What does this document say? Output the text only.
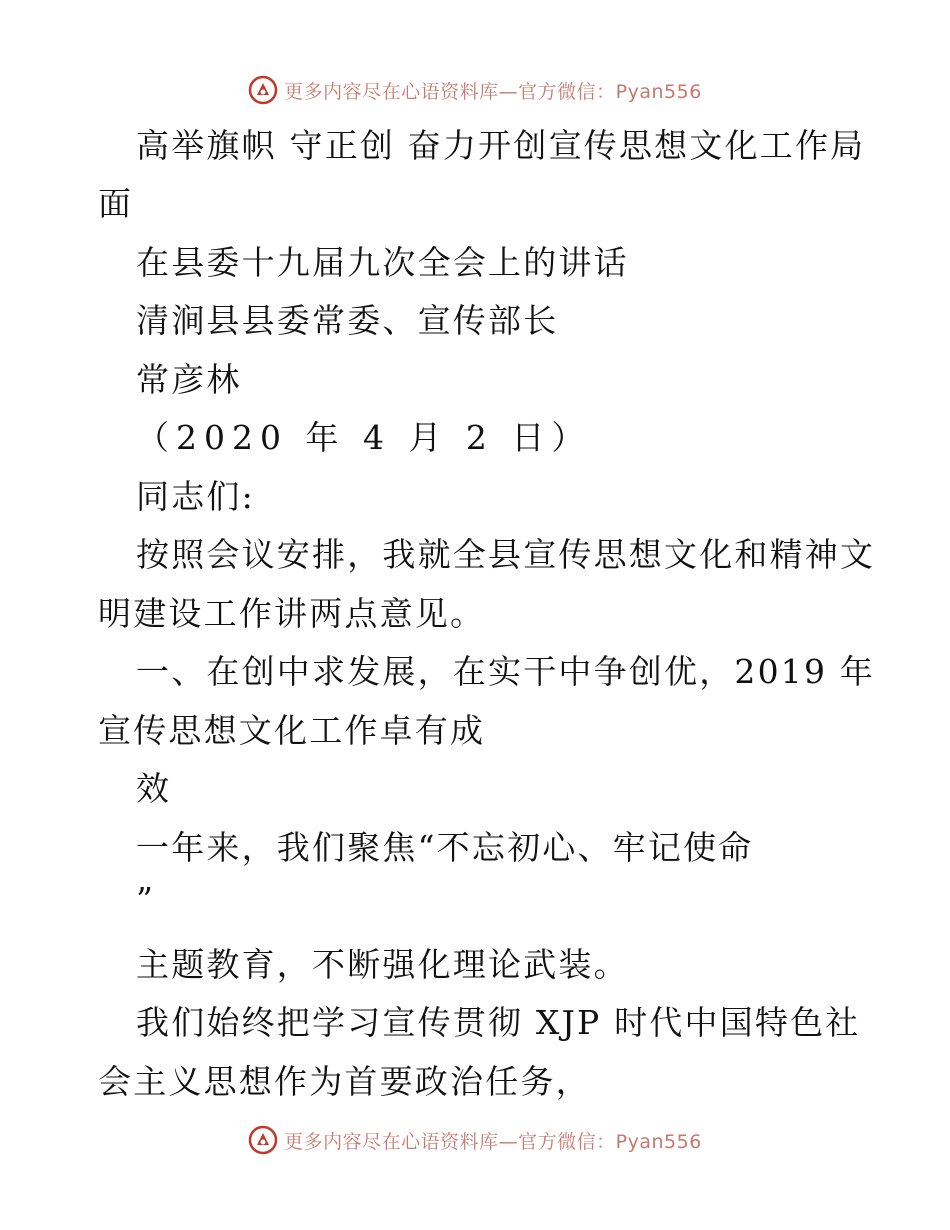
更多内容尽在心语资料库—官方微信：Pyan556
高举旗帜 守正创 奋力开创宣传思想文化工作局
面
在县委十九届九次全会上的讲话
清涧县县委常委、宣传部长
常彦林
（2020 年 4 月 2 日）
同志们:
按照会议安排，我就全县宣传思想文化和精神文
明建设工作讲两点意见。
一、在创中求发展，在实干中争创优，2019 年
宣传思想文化工作卓有成
效
一年来，我们聚焦“不忘初心、牢记使命
”
主题教育，不断强化理论武装。
我们始终把学习宣传贯彻 XJP 时代中国特色社
会主义思想作为首要政治任务，
更多内容尽在心语资料库—官方微信：Pyan556
